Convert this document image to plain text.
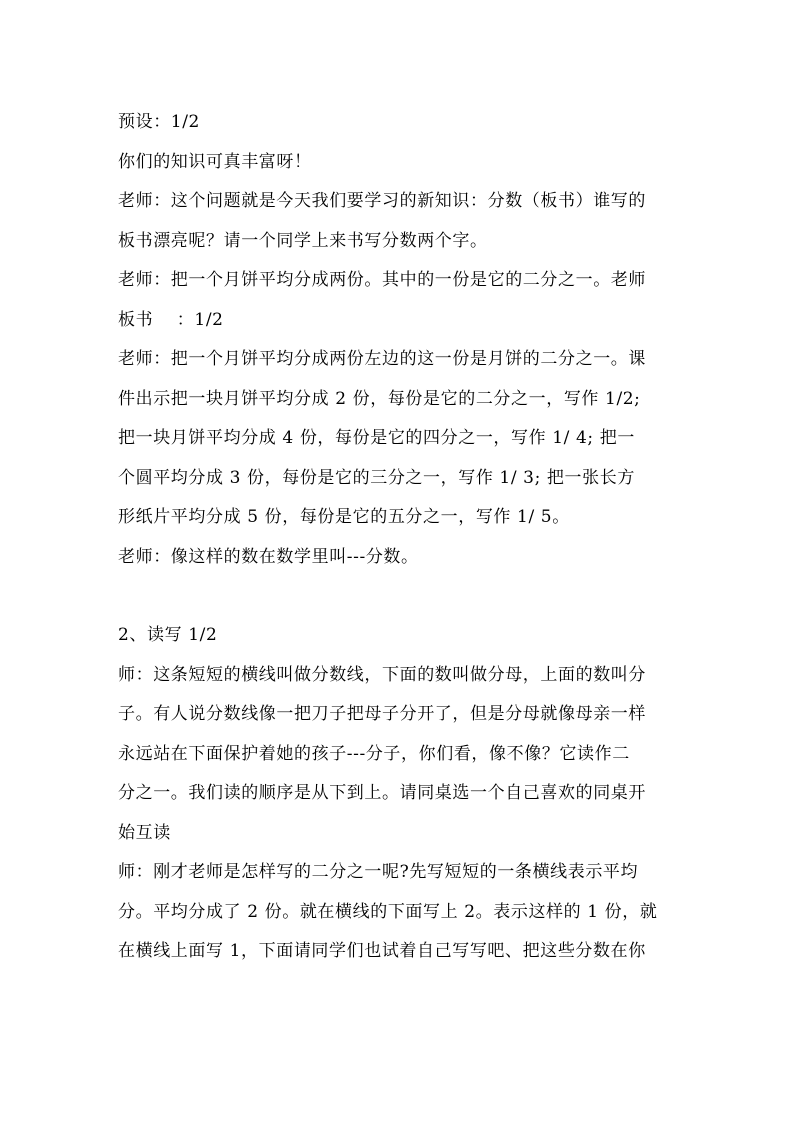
预设：1/2
你们的知识可真丰富呀！
老师：这个问题就是今天我们要学习的新知识：分数（板书）谁写的
板书漂亮呢？请一个同学上来书写分数两个字。
老师：把一个月饼平均分成两份。其中的一份是它的二分之一。老师
板书　 ：1/2
老师：把一个月饼平均分成两份左边的这一份是月饼的二分之一。课
件出示把一块月饼平均分成 2 份，每份是它的二分之一，写作 1/2;
把一块月饼平均分成 4 份，每份是它的四分之一，写作 1/ 4; 把一
个圆平均分成 3 份，每份是它的三分之一，写作 1/ 3; 把一张长方
形纸片平均分成 5 份，每份是它的五分之一，写作 1/ 5。
老师：像这样的数在数学里叫---分数。
2、读写 1/2
师：这条短短的横线叫做分数线，下面的数叫做分母，上面的数叫分
子。有人说分数线像一把刀子把母子分开了，但是分母就像母亲一样
永远站在下面保护着她的孩子---分子，你们看，像不像？它读作二
分之一。我们读的顺序是从下到上。请同桌选一个自己喜欢的同桌开
始互读
师：刚才老师是怎样写的二分之一呢?先写短短的一条横线表示平均
分。平均分成了 2 份。就在横线的下面写上 2。表示这样的 1 份，就
在横线上面写 1，下面请同学们也试着自己写写吧、把这些分数在你
